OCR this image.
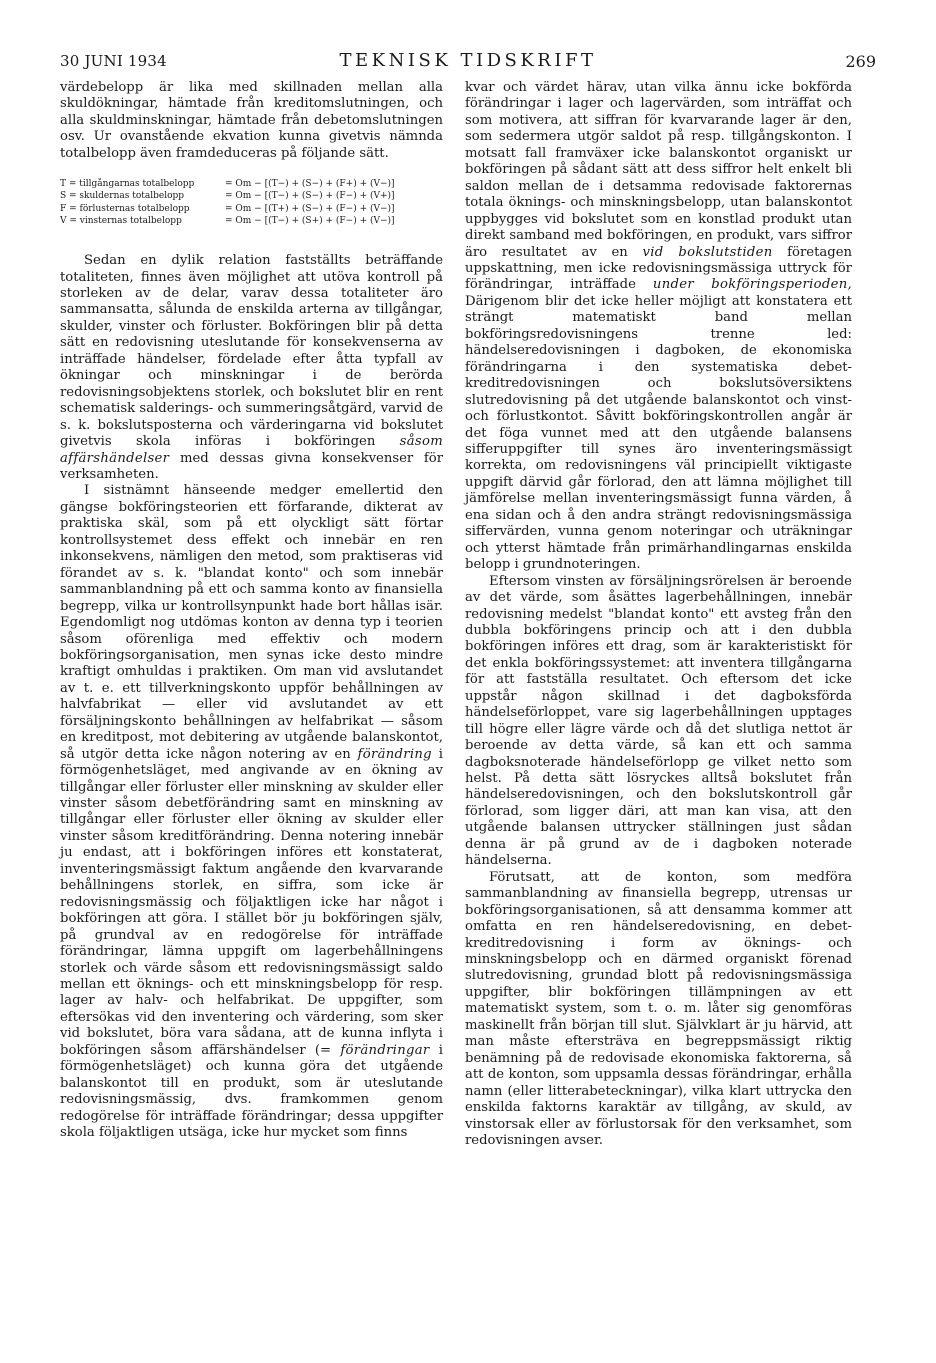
30 JUNI 1934	TEKNISK TIDSKRIFT	269

värdebelopp är lika med skillnaden mellan alla skuldökningar, hämtade från kreditomslutningen, och alla skuldminskningar, hämtade från debetomslutningen osv. Ur ovanstående ekvation kunna givetvis nämnda totalbelopp även framdeduceras på följande sätt.

T = tillgångarnas totalbelopp	= Om − [(T−) + (S−) + (F+) + (V−)]
S = skuldernas totalbelopp	= Om − [(T−) + (S−) + (F−) + (V+)]
F = förlusternas totalbelopp	= Om − [(T+) + (S−) + (F−) + (V−)]
V = vinsternas totalbelopp	= Om − [(T−) + (S+) + (F−) + (V−)]

Sedan en dylik relation fastställts beträffande totaliteten, finnes även möjlighet att utöva kontroll på storleken av de delar, varav dessa totaliteter äro sammansatta, sålunda de enskilda arterna av tillgångar, skulder, vinster och förluster. Bokföringen blir på detta sätt en redovisning uteslutande för konsekvenserna av inträffade händelser, fördelade efter åtta typfall av ökningar och minskningar i de berörda redovisningsobjektens storlek, och bokslutet blir en rent schematisk salderings- och summeringsåtgärd, varvid de s. k. bokslutsposterna och värderingarna vid bokslutet givetvis skola införas i bokföringen såsom affärshändelser med dessas givna konsekvenser för verksamheten.

I sistnämnt hänseende medger emellertid den gängse bokföringsteorien ett förfarande, dikterat av praktiska skäl, som på ett olyckligt sätt förtar kontrollsystemet dess effekt och innebär en ren inkonsekvens, nämligen den metod, som praktiseras vid förandet av s. k. "blandat konto" och som innebär sammanblandning på ett och samma konto av finansiella begrepp, vilka ur kontrollsynpunkt hade bort hållas isär. Egendomligt nog utdömas konton av denna typ i teorien såsom oförenliga med effektiv och modern bokföringsorganisation, men synas icke desto mindre kraftigt omhuldas i praktiken. Om man vid avslutandet av t. e. ett tillverkningskonto uppför behållningen av halvfabrikat — eller vid avslutandet av ett försäljningskonto behållningen av helfabrikat — såsom en kreditpost, mot debitering av utgående balanskontot, så utgör detta icke någon notering av en förändring i förmögenhetsläget, med angivande av en ökning av tillgångar eller förluster eller minskning av skulder eller vinster såsom debetförändring samt en minskning av tillgångar eller förluster eller ökning av skulder eller vinster såsom kreditförändring. Denna notering innebär ju endast, att i bokföringen införes ett konstaterat, inventeringsmässigt faktum angående den kvarvarande behållningens storlek, en siffra, som icke är redovisningsmässig och följaktligen icke har något i bokföringen att göra. I stället bör ju bokföringen själv, på grundval av en redogörelse för inträffade förändringar, lämna uppgift om lagerbehållningens storlek och värde såsom ett redovisningsmässigt saldo mellan ett öknings- och ett minskningsbelopp för resp. lager av halv- och helfabrikat. De uppgifter, som eftersökas vid den inventering och värdering, som sker vid bokslutet, böra vara sådana, att de kunna inflyta i bokföringen såsom affärshändelser (= förändringar i förmögenhetsläget) och kunna göra det utgående balanskontot till en produkt, som är uteslutande redovisningsmässig, dvs. framkommen genom redogörelse för inträffade förändringar; dessa uppgifter skola följaktligen utsäga, icke hur mycket som finns

kvar och värdet härav, utan vilka ännu icke bokförda förändringar i lager och lagervärden, som inträffat och som motivera, att siffran för kvarvarande lager är den, som sedermera utgör saldot på resp. tillgångskonton. I motsatt fall framväxer icke balanskontot organiskt ur bokföringen på sådant sätt att dess siffror helt enkelt bli saldon mellan de i detsamma redovisade faktorernas totala öknings- och minskningsbelopp, utan balanskontot uppbygges vid bokslutet som en konstlad produkt utan direkt samband med bokföringen, en produkt, vars siffror äro resultatet av en vid bokslutstiden företagen uppskattning, men icke redovisningsmässiga uttryck för förändringar, inträffade under bokföringsperioden, Därigenom blir det icke heller möjligt att konstatera ett strängt matematiskt band mellan bokföringsredovisningens trenne led: händelseredovisningen i dagboken, de ekonomiska förändringarna i den systematiska debet-kreditredovisningen och bokslutsöversiktens slutredovisning på det utgående balanskontot och vinst- och förlustkontot. Såvitt bokföringskontrollen angår är det föga vunnet med att den utgående balansens sifferuppgifter till synes äro inventeringsmässigt korrekta, om redovisningens väl principiellt viktigaste uppgift därvid går förlorad, den att lämna möjlighet till jämförelse mellan inventeringsmässigt funna värden, å ena sidan och å den andra strängt redovisningsmässiga siffervärden, vunna genom noteringar och uträkningar och ytterst hämtade från primärhandlingarnas enskilda belopp i grundnoteringen.

Eftersom vinsten av försäljningsrörelsen är beroende av det värde, som åsättes lagerbehållningen, innebär redovisning medelst "blandat konto" ett avsteg från den dubbla bokföringens princip och att i den dubbla bokföringen införes ett drag, som är karakteristiskt för det enkla bokföringssystemet: att inventera tillgångarna för att fastställa resultatet. Och eftersom det icke uppstår någon skillnad i det dagboksförda händelseförloppet, vare sig lagerbehållningen upptages till högre eller lägre värde och då det slutliga nettot är beroende av detta värde, så kan ett och samma dagboksnoterade händelseförlopp ge vilket netto som helst. På detta sätt lösryckes alltså bokslutet från händelseredovisningen, och den bokslutskontroll går förlorad, som ligger däri, att man kan visa, att den utgående balansen uttrycker ställningen just sådan denna är på grund av de i dagboken noterade händelserna.

Förutsatt, att de konton, som medföra sammanblandning av finansiella begrepp, utrensas ur bokföringsorganisationen, så att densamma kommer att omfatta en ren händelseredovisning, en debet-kreditredovisning i form av öknings- och minskningsbelopp och en därmed organiskt förenad slutredovisning, grundad blott på redovisningsmässiga uppgifter, blir bokföringen tillämpningen av ett matematiskt system, som t. o. m. låter sig genomföras maskinellt från början till slut. Självklart är ju härvid, att man måste eftersträva en begreppsmässigt riktig benämning på de redovisade ekonomiska faktorerna, så att de konton, som uppsamla dessas förändringar, erhålla namn (eller litterabeteckningar), vilka klart uttrycka den enskilda faktorns karaktär av tillgång, av skuld, av vinstorsak eller av förlustorsak för den verksamhet, som redovisningen avser.
